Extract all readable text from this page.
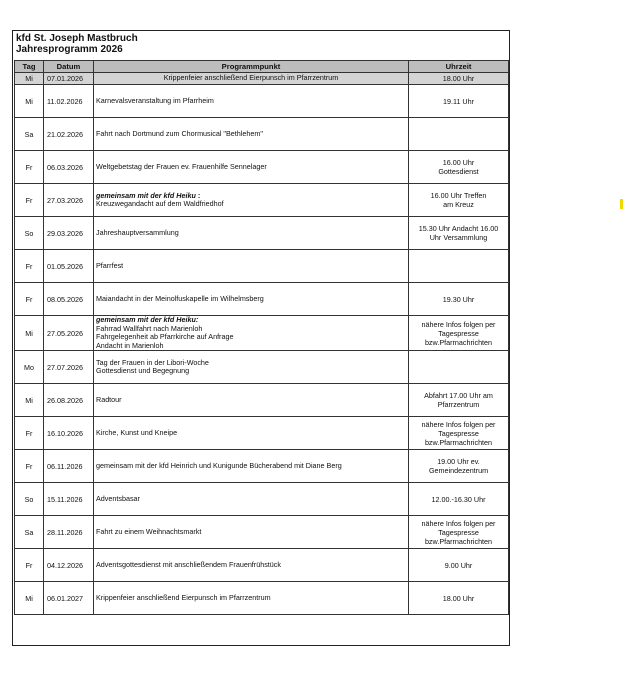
kfd St. Joseph Mastbruch
Jahresprogramm 2026
Tag	Datum	Programmpunkt	Uhrzeit
Mi	07.01.2026	Krippenfeier anschließend Eierpunsch im Pfarrzentrum	18.00 Uhr

Mi	11.02.2026	Karnevalsveranstaltung im Pfarrheim	19.11 Uhr

Sa	21.02.2026	Fahrt nach Dortmund zum Chormusical "Bethlehem"	

Fr	06.03.2026	Weltgebetstag der Frauen ev. Frauenhilfe Sennelager	16.00 Uhr
Gottesdienst

Fr	27.03.2026	gemeinsam mit der kfd Heiku :
Kreuzwegandacht auf dem Waldfriedhof	16.00 Uhr Treffen
am Kreuz

So	29.03.2026	Jahreshauptversammlung	15.30 Uhr Andacht 16.00
Uhr Versammlung

Fr	01.05.2026	Pfarrfest	

Fr	08.05.2026	Maiandacht in der Meinolfuskapelle im Wilhelmsberg	19.30 Uhr

Mi	27.05.2026	gemeinsam mit der kfd Heiku:
Fahrrad Wallfahrt nach Marienloh
Fahrgelegenheit ab Pfarrkirche auf Anfrage
Andacht in Marienloh	nähere Infos folgen per
Tagespresse
bzw.Pfarrnachrichten

Mo	27.07.2026	Tag der Frauen in der Libori-Woche
Gottesdienst und Begegnung	

Mi	26.08.2026	Radtour	Abfahrt 17.00 Uhr am
Pfarrzentrum

Fr	16.10.2026	Kirche, Kunst und Kneipe	nähere Infos folgen per
Tagespresse
bzw.Pfarrnachrichten

Fr	06.11.2026	gemeinsam mit der kfd Heinrich und Kunigunde Bücherabend mit Diane Berg	19.00 Uhr ev.
Gemeindezentrum

So	15.11.2026	Adventsbasar	12.00.-16.30 Uhr

Sa	28.11.2026	Fahrt zu einem Weihnachtsmarkt	nähere Infos folgen per
Tagespresse
bzw.Pfarrnachrichten

Fr	04.12.2026	Adventsgottesdienst mit anschließendem Frauenfrühstück	9.00 Uhr

Mi	06.01.2027	Krippenfeier anschließend Eierpunsch im Pfarrzentrum	18.00 Uhr
